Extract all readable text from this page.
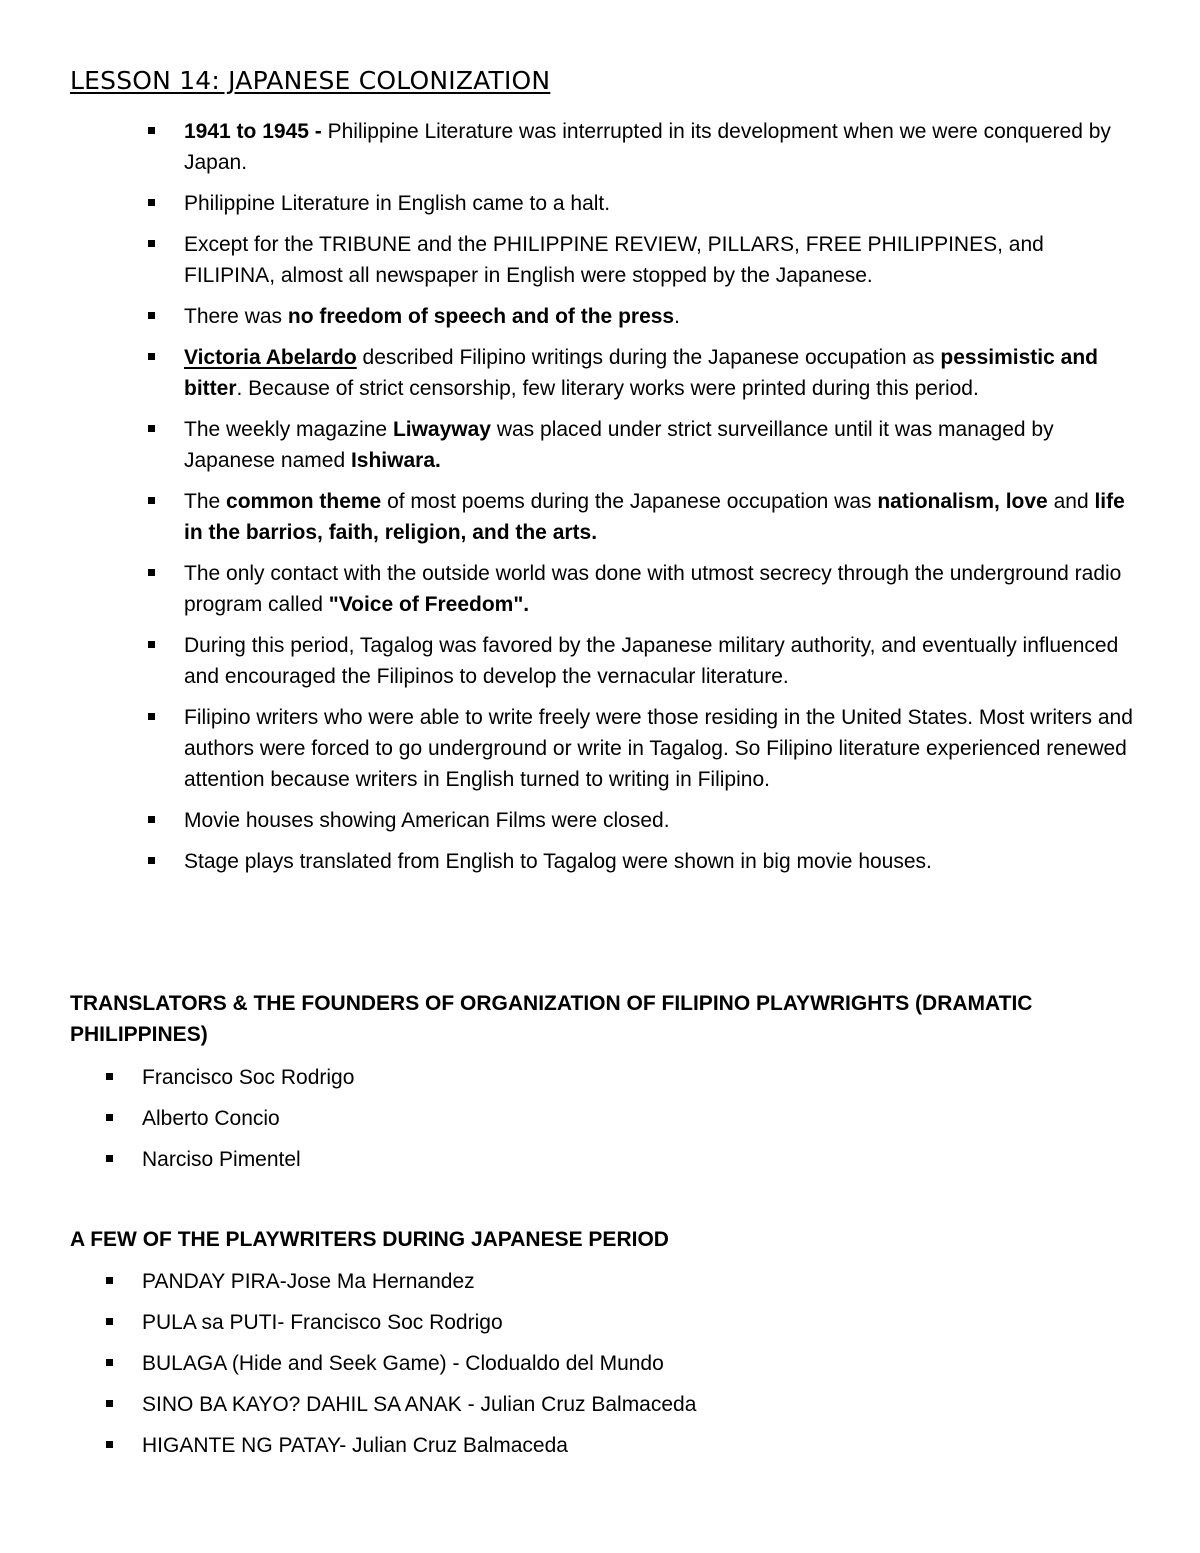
LESSON 14: JAPANESE COLONIZATION
1941 to 1945 - Philippine Literature was interrupted in its development when we were conquered by Japan.
Philippine Literature in English came to a halt.
Except for the TRIBUNE and the PHILIPPINE REVIEW, PILLARS, FREE PHILIPPINES, and FILIPINA, almost all newspaper in English were stopped by the Japanese.
There was no freedom of speech and of the press.
Victoria Abelardo described Filipino writings during the Japanese occupation as pessimistic and bitter. Because of strict censorship, few literary works were printed during this period.
The weekly magazine Liwayway was placed under strict surveillance until it was managed by Japanese named Ishiwara.
The common theme of most poems during the Japanese occupation was nationalism, love and life in the barrios, faith, religion, and the arts.
The only contact with the outside world was done with utmost secrecy through the underground radio program called "Voice of Freedom".
During this period, Tagalog was favored by the Japanese military authority, and eventually influenced and encouraged the Filipinos to develop the vernacular literature.
Filipino writers who were able to write freely were those residing in the United States. Most writers and authors were forced to go underground or write in Tagalog. So Filipino literature experienced renewed attention because writers in English turned to writing in Filipino.
Movie houses showing American Films were closed.
Stage plays translated from English to Tagalog were shown in big movie houses.
TRANSLATORS & THE FOUNDERS OF ORGANIZATION OF FILIPINO PLAYWRIGHTS (DRAMATIC PHILIPPINES)
Francisco Soc Rodrigo
Alberto Concio
Narciso Pimentel
A FEW OF THE PLAYWRITERS DURING JAPANESE PERIOD
PANDAY PIRA-Jose Ma Hernandez
PULA sa PUTI- Francisco Soc Rodrigo
BULAGA (Hide and Seek Game) - Clodualdo del Mundo
SINO BA KAYO? DAHIL SA ANAK - Julian Cruz Balmaceda
HIGANTE NG PATAY- Julian Cruz Balmaceda
